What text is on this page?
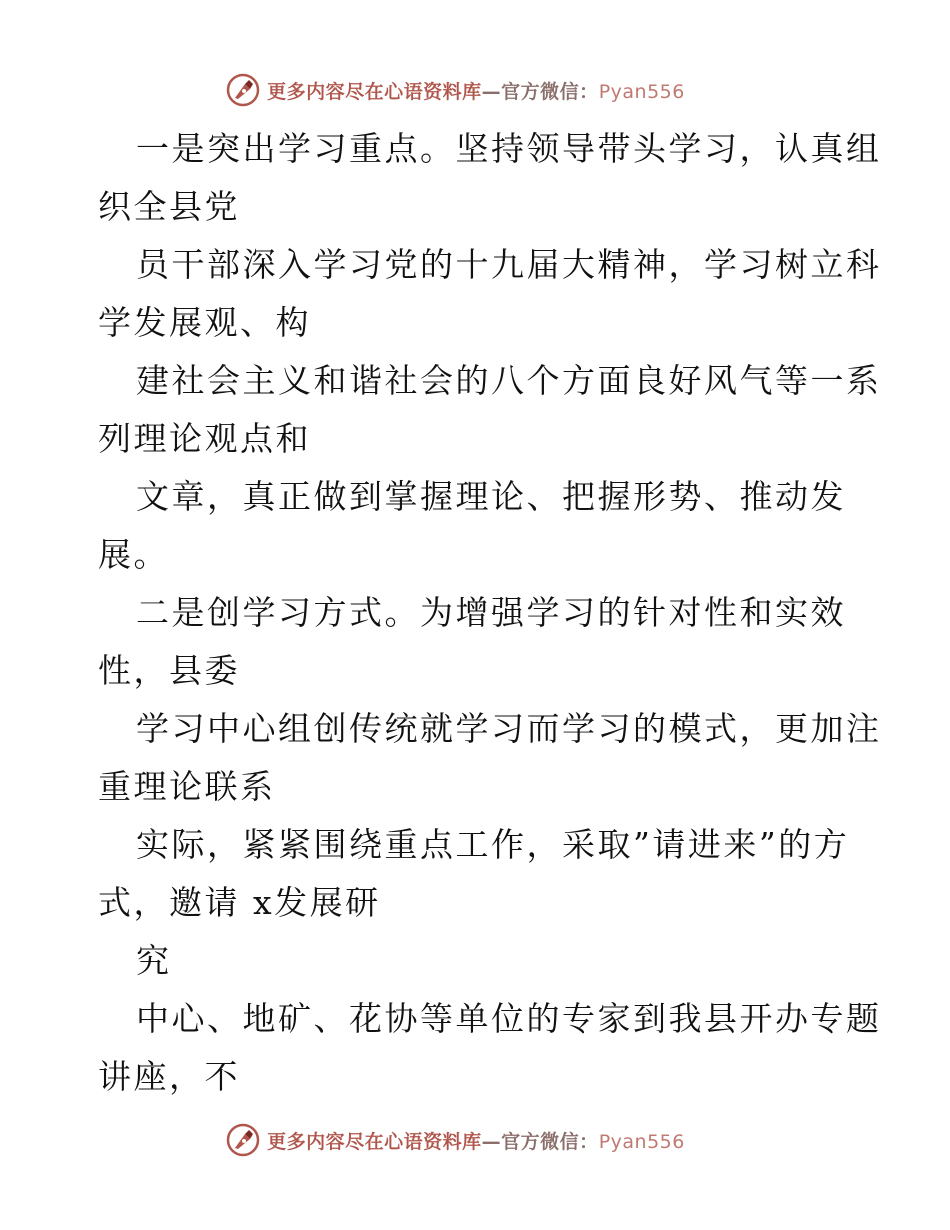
更多内容尽在心语资料库—官方微信：Pyan556
一是突出学习重点。坚持领导带头学习，认真组
织全县党
员干部深入学习党的十九届大精神，学习树立科
学发展观、构
建社会主义和谐社会的八个方面良好风气等一系
列理论观点和
文章，真正做到掌握理论、把握形势、推动发
展。
二是创学习方式。为增强学习的针对性和实效
性，县委
学习中心组创传统就学习而学习的模式，更加注
重理论联系
实际，紧紧围绕重点工作，采取”请进来”的方
式，邀请 x发展研
究
中心、地矿、花协等单位的专家到我县开办专题
讲座，不
更多内容尽在心语资料库—官方微信：Pyan556
